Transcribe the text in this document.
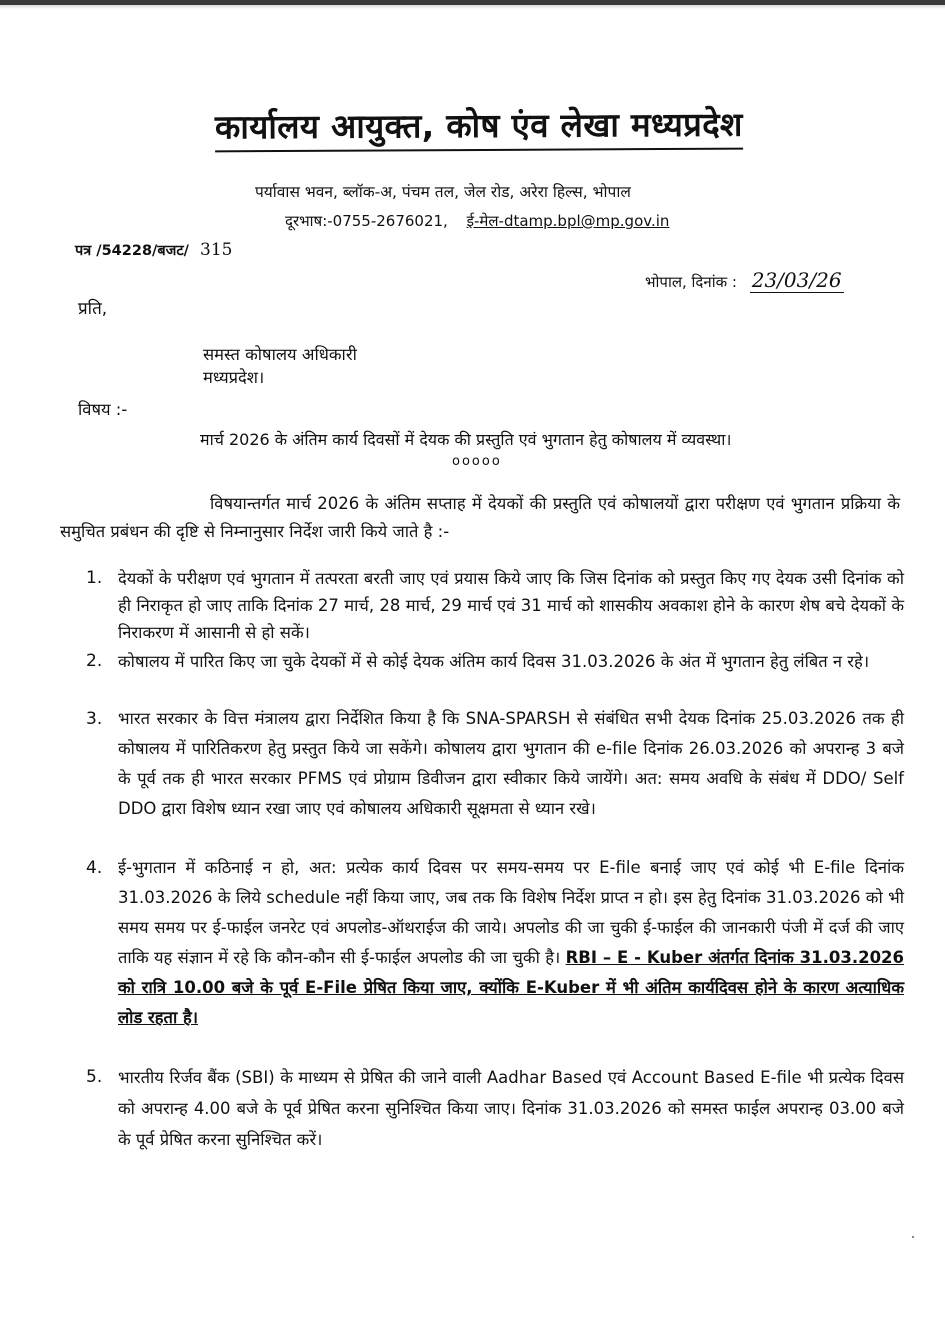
कार्यालय आयुक्त, कोष एंव लेखा मध्यप्रदेश
पर्यावास भवन, ब्लॉक-अ, पंचम तल, जेल रोड, अरेरा हिल्स, भोपाल
दूरभाष:-0755-2676021, ई-मेल-dtamp.bpl@mp.gov.in
पत्र /54228/बजट/ 315
भोपाल, दिनांक : 23/03/26
प्रति,
समस्त कोषालय अधिकारी
मध्यप्रदेश।
विषय :-
मार्च 2026 के अंतिम कार्य दिवसों में देयक की प्रस्तुति एवं भुगतान हेतु कोषालय में व्यवस्था।
ooooo
विषयान्तर्गत मार्च 2026 के अंतिम सप्ताह में देयकों की प्रस्तुति एवं कोषालयों द्वारा परीक्षण एवं भुगतान प्रक्रिया के समुचित प्रबंधन की दृष्टि से निम्नानुसार निर्देश जारी किये जाते है :-
1. देयकों के परीक्षण एवं भुगतान में तत्परता बरती जाए एवं प्रयास किये जाए कि जिस दिनांक को प्रस्तुत किए गए देयक उसी दिनांक को ही निराकृत हो जाए ताकि दिनांक 27 मार्च, 28 मार्च, 29 मार्च एवं 31 मार्च को शासकीय अवकाश होने के कारण शेष बचे देयकों के निराकरण में आसानी से हो सकें।
2. कोषालय में पारित किए जा चुके देयकों में से कोई देयक अंतिम कार्य दिवस 31.03.2026 के अंत में भुगतान हेतु लंबित न रहे।
3. भारत सरकार के वित्त मंत्रालय द्वारा निर्देशित किया है कि SNA-SPARSH से संबंधित सभी देयक दिनांक 25.03.2026 तक ही कोषालय में पारितिकरण हेतु प्रस्तुत किये जा सकेंगे। कोषालय द्वारा भुगतान की e-file दिनांक 26.03.2026 को अपरान्ह 3 बजे के पूर्व तक ही भारत सरकार PFMS एवं प्रोग्राम डिवीजन द्वारा स्वीकार किये जायेंगे। अत: समय अवधि के संबंध में DDO/ Self DDO द्वारा विशेष ध्यान रखा जाए एवं कोषालय अधिकारी सूक्षमता से ध्यान रखे।
4. ई-भुगतान में कठिनाई न हो, अत: प्रत्येक कार्य दिवस पर समय-समय पर E-file बनाई जाए एवं कोई भी E-file दिनांक 31.03.2026 के लिये schedule नहीं किया जाए, जब तक कि विशेष निर्देश प्राप्त न हो। इस हेतु दिनांक 31.03.2026 को भी समय समय पर ई-फाईल जनरेट एवं अपलोड-ऑथराईज की जाये। अपलोड की जा चुकी ई-फाईल की जानकारी पंजी में दर्ज की जाए ताकि यह संज्ञान में रहे कि कौन-कौन सी ई-फाईल अपलोड की जा चुकी है। RBI – E - Kuber अंतर्गत दिनांक 31.03.2026 को रात्रि 10.00 बजे के पूर्व E-File प्रेषित किया जाए, क्योंकि E-Kuber में भी अंतिम कार्यदिवस होने के कारण अत्याधिक लोड रहता है।
5. भारतीय रिर्जव बैंक (SBI) के माध्यम से प्रेषित की जाने वाली Aadhar Based एवं Account Based E-file भी प्रत्येक दिवस को अपरान्ह 4.00 बजे के पूर्व प्रेषित करना सुनिश्चित किया जाए। दिनांक 31.03.2026 को समस्त फाईल अपरान्ह 03.00 बजे के पूर्व प्रेषित करना सुनिश्चित करें।
